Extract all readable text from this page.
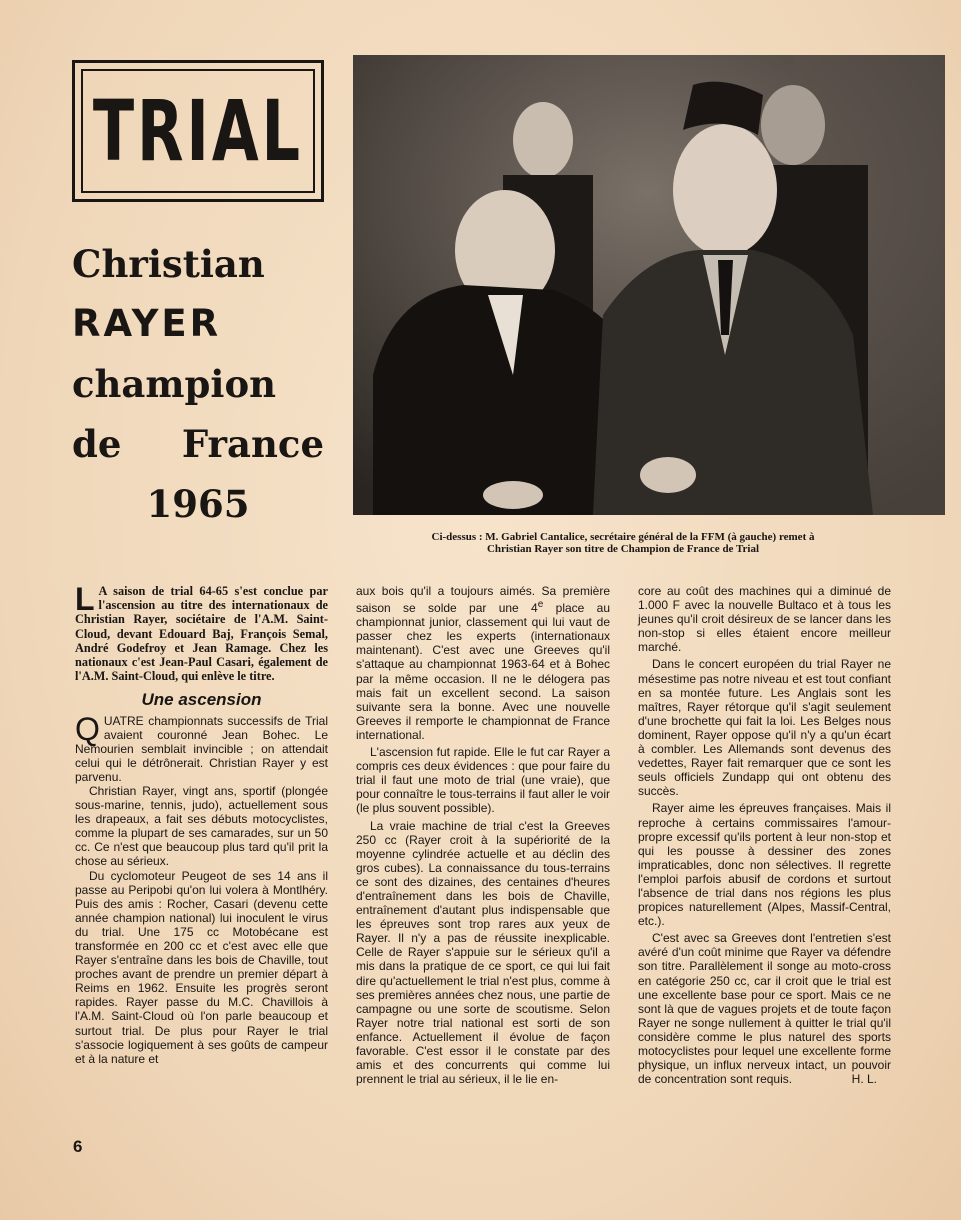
TRIAL
Christian
RAYER
champion
de France
1965
Ci-dessus : M. Gabriel Cantalice, secrétaire général de la FFM (à gauche) remet à
Christian Rayer son titre de Champion de France de Trial

L A saison de trial 64-65 s'est conclue par l'ascension au titre des internationaux de Christian Rayer, sociétaire de l'A.M. Saint-Cloud, devant Edouard Baj, François Semal, André Godefroy et Jean Ramage. Chez les nationaux c'est Jean-Paul Casari, également de l'A.M. Saint-Cloud, qui enlève le titre.

Une ascension

QUATRE championnats successifs de Trial avaient couronné Jean Bohec. Le Nemourien semblait invincible ; on attendait celui qui le détrônerait. Christian Rayer y est parvenu.

Christian Rayer, vingt ans, sportif (plongée sous-marine, tennis, judo), actuellement sous les drapeaux, a fait ses débuts motocyclistes, comme la plupart de ses camarades, sur un 50 cc. Ce n'est que beaucoup plus tard qu'il prit la chose au sérieux.

Du cyclomoteur Peugeot de ses 14 ans il passe au Peripobi qu'on lui volera à Montlhéry. Puis des amis : Rocher, Casari (devenu cette année champion national) lui inoculent le virus du trial. Une 175 cc Motobécane est transformée en 200 cc et c'est avec elle que Rayer s'entraîne dans les bois de Chaville, tout proches avant de prendre un premier départ à Reims en 1962. Ensuite les progrès seront rapides. Rayer passe du M.C. Chavillois à l'A.M. Saint-Cloud où l'on parle beaucoup et surtout trial. De plus pour Rayer le trial s'associe logiquement à ses goûts de campeur et à la nature et

aux bois qu'il a toujours aimés. Sa première saison se solde par une 4e place au championnat junior, classement qui lui vaut de passer chez les experts (internationaux maintenant). C'est avec une Greeves qu'il s'attaque au championnat 1963-64 et à Bohec par la même occasion. Il ne le délogera pas mais fait un excellent second. La saison suivante sera la bonne. Avec une nouvelle Greeves il remporte le championnat de France international.

L'ascension fut rapide. Elle le fut car Rayer a compris ces deux évidences : que pour faire du trial il faut une moto de trial (une vraie), que pour connaître le tous-terrains il faut aller le voir (le plus souvent possible).

La vraie machine de trial c'est la Greeves 250 cc (Rayer croit à la supériorité de la moyenne cylindrée actuelle et au déclin des gros cubes). La connaissance du tous-terrains ce sont des dizaines, des centaines d'heures d'entraînement dans les bois de Chaville, entraînement d'autant plus indispensable que les épreuves sont trop rares aux yeux de Rayer. Il n'y a pas de réussite inexplicable. Celle de Rayer s'appuie sur le sérieux qu'il a mis dans la pratique de ce sport, ce qui lui fait dire qu'actuellement le trial n'est plus, comme à ses premières années chez nous, une partie de campagne ou une sorte de scoutisme. Selon Rayer notre trial national est sorti de son enfance. Actuellement il évolue de façon favorable. C'est essor il le constate par des amis et des concurrents qui comme lui prennent le trial au sérieux, il le lie en-

core au coût des machines qui a diminué de 1.000 F avec la nouvelle Bultaco et à tous les jeunes qu'il croit désireux de se lancer dans les non-stop si elles étaient encore meilleur marché.

Dans le concert européen du trial Rayer ne mésestime pas notre niveau et est tout confiant en sa montée future. Les Anglais sont les maîtres, Rayer rétorque qu'il s'agit seulement d'une brochette qui fait la loi. Les Belges nous dominent, Rayer oppose qu'il n'y a qu'un écart à combler. Les Allemands sont devenus des vedettes, Rayer fait remarquer que ce sont les seuls officiels Zundapp qui ont obtenu des succès.

Rayer aime les épreuves françaises. Mais il reproche à certains commissaires l'amour-propre excessif qu'ils portent à leur non-stop et qui les pousse à dessiner des zones impraticables, donc non sélectives. Il regrette l'emploi parfois abusif de cordons et surtout l'absence de trial dans nos régions les plus propices naturellement (Alpes, Massif-Central, etc.).

C'est avec sa Greeves dont l'entretien s'est avéré d'un coût minime que Rayer va défendre son titre. Parallèlement il songe au moto-cross en catégorie 250 cc, car il croit que le trial est une excellente base pour ce sport. Mais ce ne sont là que de vagues projets et de toute façon Rayer ne songe nullement à quitter le trial qu'il considère comme le plus naturel des sports motocyclistes pour lequel une excellente forme physique, un influx nerveux intact, un pouvoir de concentration sont requis.	H. L.

6
